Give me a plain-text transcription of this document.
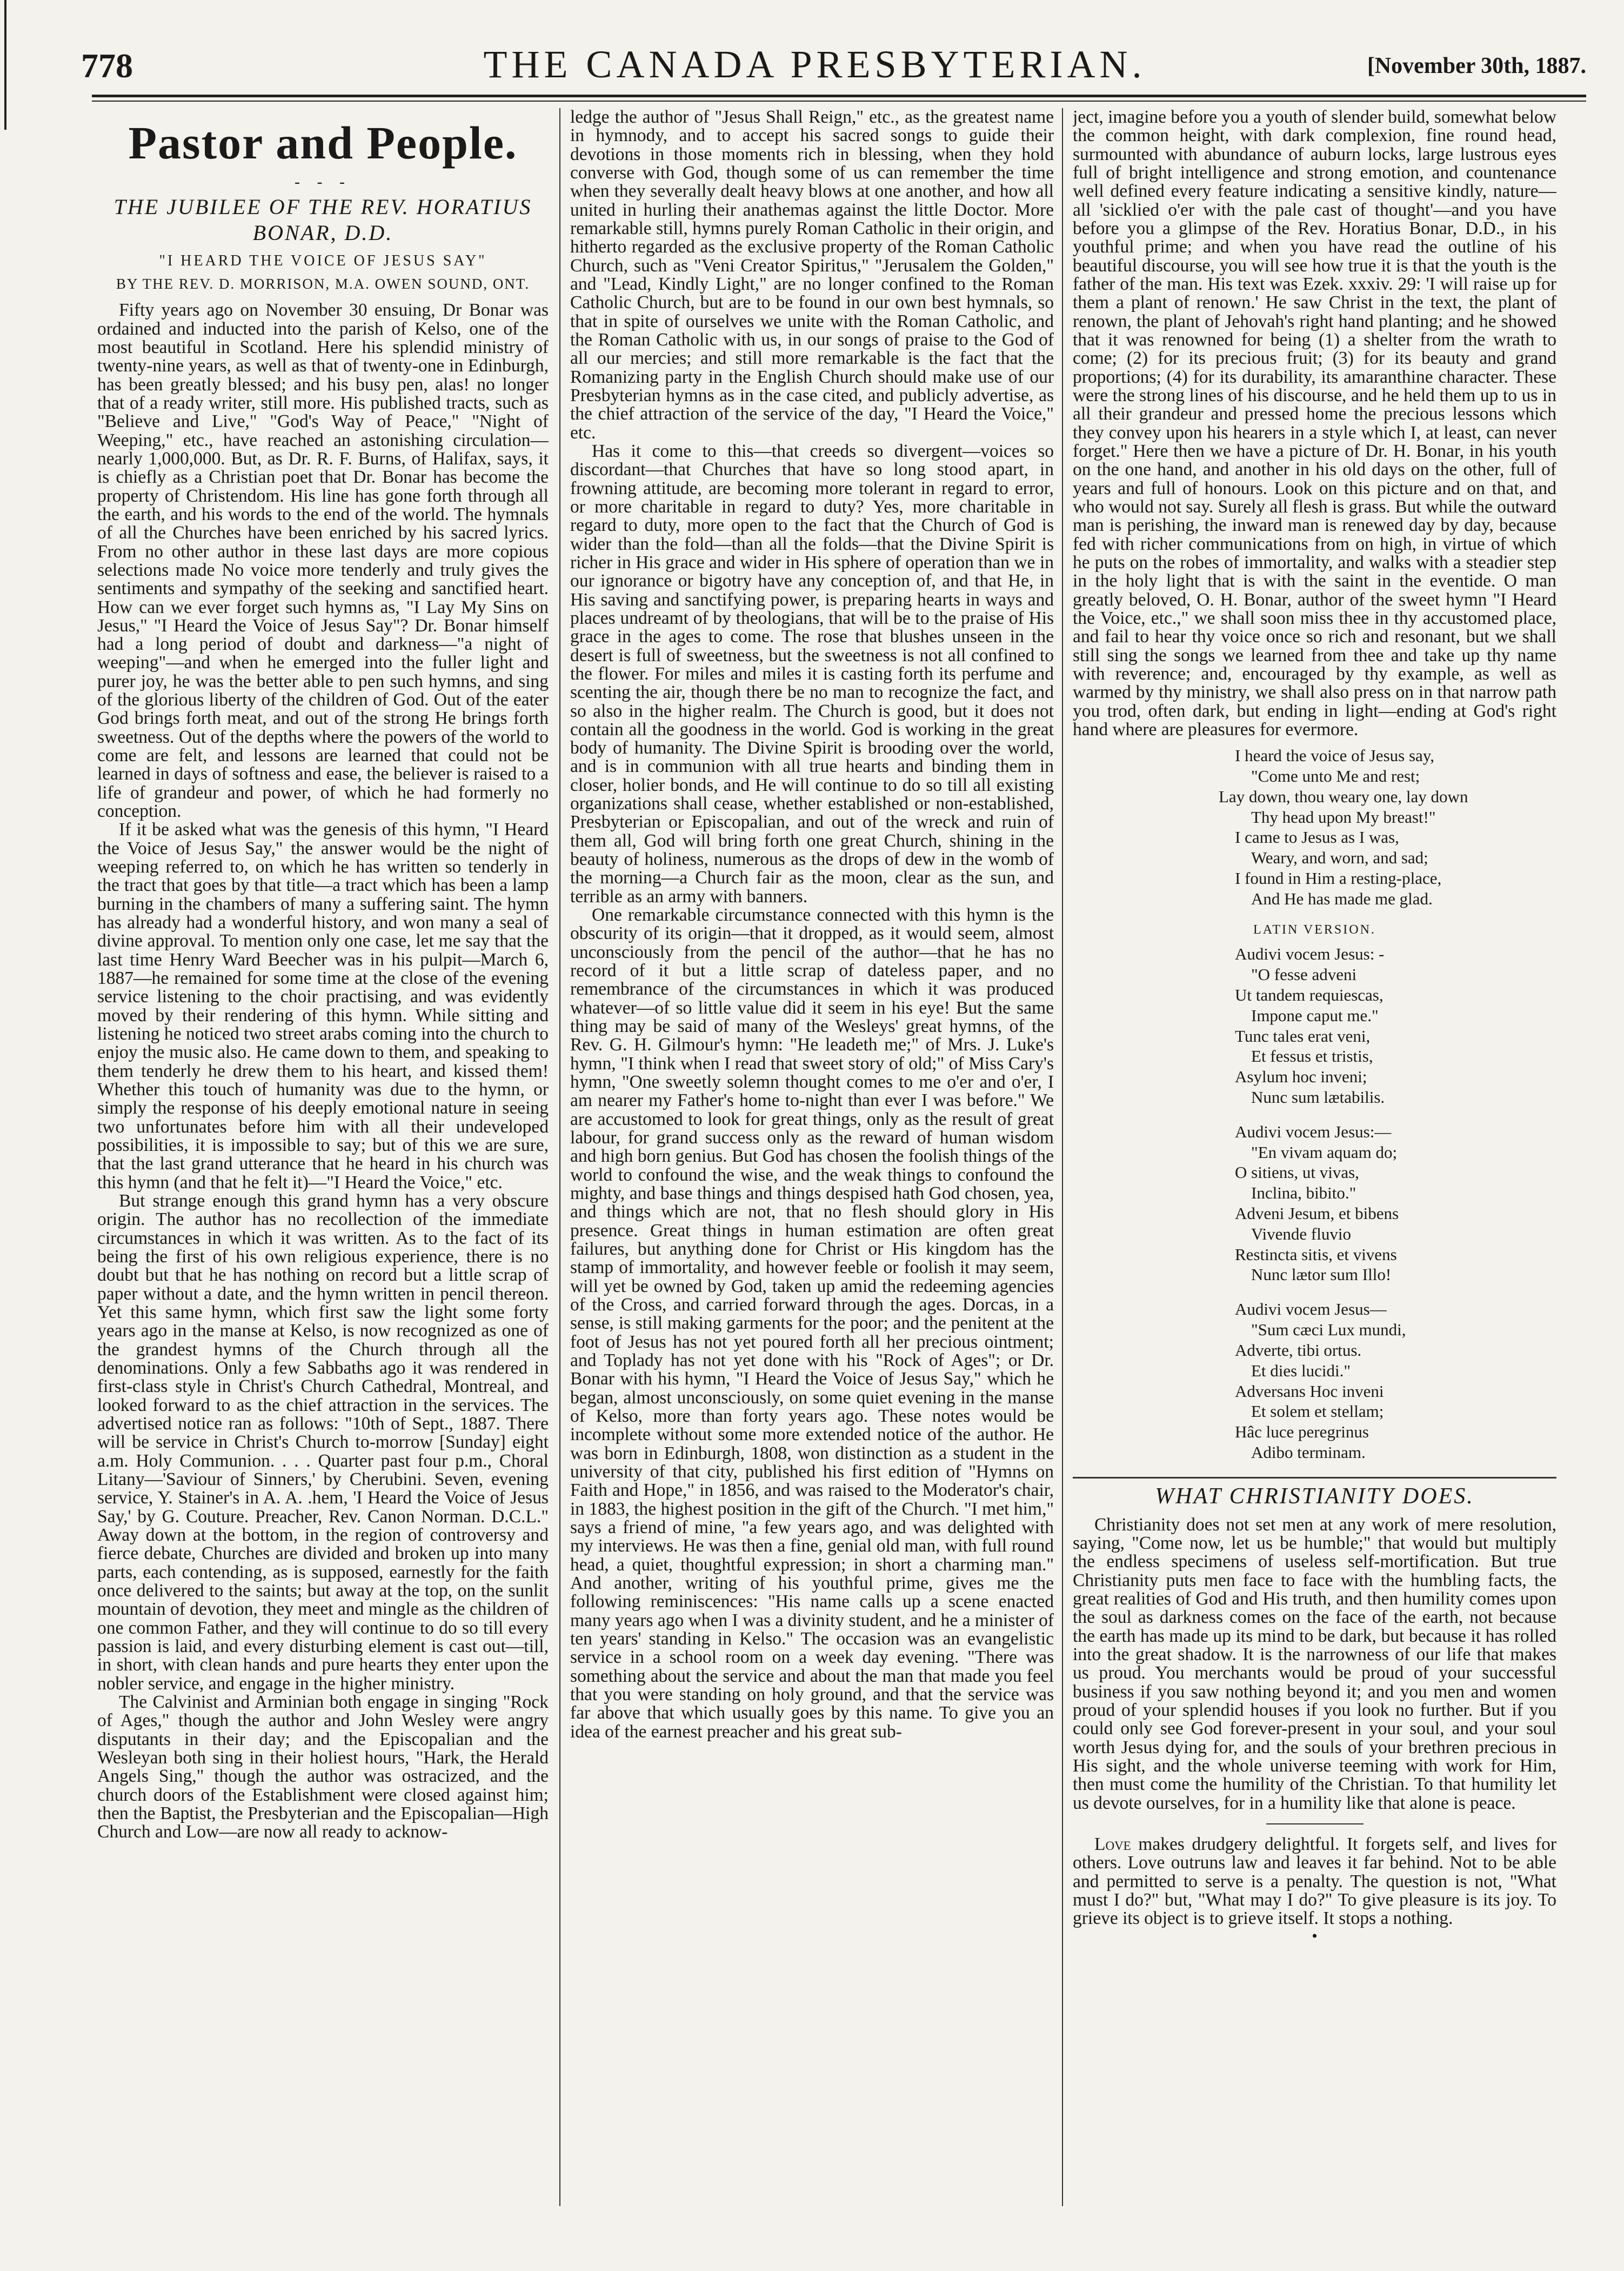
778	THE CANADA PRESBYTERIAN.	[November 30th, 1887.
Pastor and People.
- - -
THE JUBILEE OF THE REV. HORATIUS BONAR, D.D.
"I HEARD THE VOICE OF JESUS SAY"
BY THE REV. D. MORRISON, M.A. OWEN SOUND, ONT.

Fifty years ago on November 30 ensuing, Dr Bonar was ordained and inducted into the parish of Kelso, one of the most beautiful in Scotland. Here his splendid ministry of twenty-nine years, as well as that of twenty-one in Edinburgh, has been greatly blessed; and his busy pen, alas! no longer that of a ready writer, still more. His published tracts, such as "Believe and Live," "God's Way of Peace," "Night of Weeping," etc., have reached an astonishing circulation—nearly 1,000,000. But, as Dr. R. F. Burns, of Halifax, says, it is chiefly as a Christian poet that Dr. Bonar has become the property of Christendom. His line has gone forth through all the earth, and his words to the end of the world. The hymnals of all the Churches have been enriched by his sacred lyrics. From no other author in these last days are more copious selections made No voice more tenderly and truly gives the sentiments and sympathy of the seeking and sanctified heart. How can we ever forget such hymns as, "I Lay My Sins on Jesus," "I Heard the Voice of Jesus Say"? Dr. Bonar himself had a long period of doubt and darkness—"a night of weeping"—and when he emerged into the fuller light and purer joy, he was the better able to pen such hymns, and sing of the glorious liberty of the children of God. Out of the eater God brings forth meat, and out of the strong He brings forth sweetness. Out of the depths where the powers of the world to come are felt, and lessons are learned that could not be learned in days of softness and ease, the believer is raised to a life of grandeur and power, of which he had formerly no conception.

If it be asked what was the genesis of this hymn, "I Heard the Voice of Jesus Say," the answer would be the night of weeping referred to, on which he has written so tenderly in the tract that goes by that title—a tract which has been a lamp burning in the chambers of many a suffering saint. The hymn has already had a wonderful history, and won many a seal of divine approval. To mention only one case, let me say that the last time Henry Ward Beecher was in his pulpit—March 6, 1887—he remained for some time at the close of the evening service listening to the choir practising, and was evidently moved by their rendering of this hymn. While sitting and listening he noticed two street arabs coming into the church to enjoy the music also. He came down to them, and speaking to them tenderly he drew them to his heart, and kissed them! Whether this touch of humanity was due to the hymn, or simply the response of his deeply emotional nature in seeing two unfortunates before him with all their undeveloped possibilities, it is impossible to say; but of this we are sure, that the last grand utterance that he heard in his church was this hymn (and that he felt it)—"I Heard the Voice," etc.

But strange enough this grand hymn has a very obscure origin. The author has no recollection of the immediate circumstances in which it was written. As to the fact of its being the first of his own religious experience, there is no doubt but that he has nothing on record but a little scrap of paper without a date, and the hymn written in pencil thereon. Yet this same hymn, which first saw the light some forty years ago in the manse at Kelso, is now recognized as one of the grandest hymns of the Church through all the denominations. Only a few Sabbaths ago it was rendered in first-class style in Christ's Church Cathedral, Montreal, and looked forward to as the chief attraction in the services. The advertised notice ran as follows: "10th of Sept., 1887. There will be service in Christ's Church to-morrow [Sunday] eight a.m. Holy Communion. . . . Quarter past four p.m., Choral Litany—'Saviour of Sinners,' by Cherubini. Seven, evening service, Y. Stainer's in A. A. .hem, 'I Heard the Voice of Jesus Say,' by G. Couture. Preacher, Rev. Canon Norman. D.C.L." Away down at the bottom, in the region of controversy and fierce debate, Churches are divided and broken up into many parts, each contending, as is supposed, earnestly for the faith once delivered to the saints; but away at the top, on the sunlit mountain of devotion, they meet and mingle as the children of one common Father, and they will continue to do so till every passion is laid, and every disturbing element is cast out—till, in short, with clean hands and pure hearts they enter upon the nobler service, and engage in the higher ministry.

The Calvinist and Arminian both engage in singing "Rock of Ages," though the author and John Wesley were angry disputants in their day; and the Episcopalian and the Wesleyan both sing in their holiest hours, "Hark, the Herald Angels Sing," though the author was ostracized, and the church doors of the Establishment were closed against him; then the Baptist, the Presbyterian and the Episcopalian—High Church and Low—are now all ready to acknow-

ledge the author of "Jesus Shall Reign," etc., as the greatest name in hymnody, and to accept his sacred songs to guide their devotions in those moments rich in blessing, when they hold converse with God, though some of us can remember the time when they severally dealt heavy blows at one another, and how all united in hurling their anathemas against the little Doctor. More remarkable still, hymns purely Roman Catholic in their origin, and hitherto regarded as the exclusive property of the Roman Catholic Church, such as "Veni Creator Spiritus," "Jerusalem the Golden," and "Lead, Kindly Light," are no longer confined to the Roman Catholic Church, but are to be found in our own best hymnals, so that in spite of ourselves we unite with the Roman Catholic, and the Roman Catholic with us, in our songs of praise to the God of all our mercies; and still more remarkable is the fact that the Romanizing party in the English Church should make use of our Presbyterian hymns as in the case cited, and publicly advertise, as the chief attraction of the service of the day, "I Heard the Voice," etc.

Has it come to this—that creeds so divergent—voices so discordant—that Churches that have so long stood apart, in frowning attitude, are becoming more tolerant in regard to error, or more charitable in regard to duty? Yes, more charitable in regard to duty, more open to the fact that the Church of God is wider than the fold—than all the folds—that the Divine Spirit is richer in His grace and wider in His sphere of operation than we in our ignorance or bigotry have any conception of, and that He, in His saving and sanctifying power, is preparing hearts in ways and places undreamt of by theologians, that will be to the praise of His grace in the ages to come. The rose that blushes unseen in the desert is full of sweetness, but the sweetness is not all confined to the flower. For miles and miles it is casting forth its perfume and scenting the air, though there be no man to recognize the fact, and so also in the higher realm. The Church is good, but it does not contain all the goodness in the world. God is working in the great body of humanity. The Divine Spirit is brooding over the world, and is in communion with all true hearts and binding them in closer, holier bonds, and He will continue to do so till all existing organizations shall cease, whether established or non-established, Presbyterian or Episcopalian, and out of the wreck and ruin of them all, God will bring forth one great Church, shining in the beauty of holiness, numerous as the drops of dew in the womb of the morning—a Church fair as the moon, clear as the sun, and terrible as an army with banners.

One remarkable circumstance connected with this hymn is the obscurity of its origin—that it dropped, as it would seem, almost unconsciously from the pencil of the author—that he has no record of it but a little scrap of dateless paper, and no remembrance of the circumstances in which it was produced whatever—of so little value did it seem in his eye! But the same thing may be said of many of the Wesleys' great hymns, of the Rev. G. H. Gilmour's hymn: "He leadeth me;" of Mrs. J. Luke's hymn, "I think when I read that sweet story of old;" of Miss Cary's hymn, "One sweetly solemn thought comes to me o'er and o'er, I am nearer my Father's home to-night than ever I was before." We are accustomed to look for great things, only as the result of great labour, for grand success only as the reward of human wisdom and high born genius. But God has chosen the foolish things of the world to confound the wise, and the weak things to confound the mighty, and base things and things despised hath God chosen, yea, and things which are not, that no flesh should glory in His presence. Great things in human estimation are often great failures, but anything done for Christ or His kingdom has the stamp of immortality, and however feeble or foolish it may seem, will yet be owned by God, taken up amid the redeeming agencies of the Cross, and carried forward through the ages. Dorcas, in a sense, is still making garments for the poor; and the penitent at the foot of Jesus has not yet poured forth all her precious ointment; and Toplady has not yet done with his "Rock of Ages"; or Dr. Bonar with his hymn, "I Heard the Voice of Jesus Say," which he began, almost unconsciously, on some quiet evening in the manse of Kelso, more than forty years ago. These notes would be incomplete without some more extended notice of the author. He was born in Edinburgh, 1808, won distinction as a student in the university of that city, published his first edition of "Hymns on Faith and Hope," in 1856, and was raised to the Moderator's chair, in 1883, the highest position in the gift of the Church. "I met him," says a friend of mine, "a few years ago, and was delighted with my interviews. He was then a fine, genial old man, with full round head, a quiet, thoughtful expression; in short a charming man." And another, writing of his youthful prime, gives me the following reminiscences: "His name calls up a scene enacted many years ago when I was a divinity student, and he a minister of ten years' standing in Kelso." The occasion was an evangelistic service in a school room on a week day evening. "There was something about the service and about the man that made you feel that you were standing on holy ground, and that the service was far above that which usually goes by this name. To give you an idea of the earnest preacher and his great sub-

ject, imagine before you a youth of slender build, somewhat below the common height, with dark complexion, fine round head, surmounted with abundance of auburn locks, large lustrous eyes full of bright intelligence and strong emotion, and countenance well defined every feature indicating a sensitive kindly, nature—all 'sicklied o'er with the pale cast of thought'—and you have before you a glimpse of the Rev. Horatius Bonar, D.D., in his youthful prime; and when you have read the outline of his beautiful discourse, you will see how true it is that the youth is the father of the man. His text was Ezek. xxxiv. 29: 'I will raise up for them a plant of renown.' He saw Christ in the text, the plant of renown, the plant of Jehovah's right hand planting; and he showed that it was renowned for being (1) a shelter from the wrath to come; (2) for its precious fruit; (3) for its beauty and grand proportions; (4) for its durability, its amaranthine character. These were the strong lines of his discourse, and he held them up to us in all their grandeur and pressed home the precious lessons which they convey upon his hearers in a style which I, at least, can never forget." Here then we have a picture of Dr. H. Bonar, in his youth on the one hand, and another in his old days on the other, full of years and full of honours. Look on this picture and on that, and who would not say. Surely all flesh is grass. But while the outward man is perishing, the inward man is renewed day by day, because fed with richer communications from on high, in virtue of which he puts on the robes of immortality, and walks with a steadier step in the holy light that is with the saint in the eventide. O man greatly beloved, O. H. Bonar, author of the sweet hymn "I Heard the Voice, etc.," we shall soon miss thee in thy accustomed place, and fail to hear thy voice once so rich and resonant, but we shall still sing the songs we learned from thee and take up thy name with reverence; and, encouraged by thy example, as well as warmed by thy ministry, we shall also press on in that narrow path you trod, often dark, but ending in light—ending at God's right hand where are pleasures for evermore.

I heard the voice of Jesus say,
"Come unto Me and rest;
Lay down, thou weary one, lay down
Thy head upon My breast!"
I came to Jesus as I was,
Weary, and worn, and sad;
I found in Him a resting-place,
And He has made me glad.
LATIN VERSION.
Audivi vocem Jesus: -
"O fesse adveni
Ut tandem requiescas,
Impone caput me."
Tunc tales erat veni,
Et fessus et tristis,
Asylum hoc inveni;
Nunc sum lætabilis.
Audivi vocem Jesus:—
"En vivam aquam do;
O sitiens, ut vivas,
Inclina, bibito."
Adveni Jesum, et bibens
Vivende fluvio
Restincta sitis, et vivens
Nunc lætor sum Illo!
Audivi vocem Jesus—
"Sum cæci Lux mundi,
Adverte, tibi ortus.
Et dies lucidi."
Adversans Hoc inveni
Et solem et stellam;
Hâc luce peregrinus
Adibo terminam.
WHAT CHRISTIANITY DOES.

Christianity does not set men at any work of mere resolution, saying, "Come now, let us be humble;" that would but multiply the endless specimens of useless self-mortification. But true Christianity puts men face to face with the humbling facts, the great realities of God and His truth, and then humility comes upon the soul as darkness comes on the face of the earth, not because the earth has made up its mind to be dark, but because it has rolled into the great shadow. It is the narrowness of our life that makes us proud. You merchants would be proud of your successful business if you saw nothing beyond it; and you men and women proud of your splendid houses if you look no further. But if you could only see God forever-present in your soul, and your soul worth Jesus dying for, and the souls of your brethren precious in His sight, and the whole universe teeming with work for Him, then must come the humility of the Christian. To that humility let us devote ourselves, for in a humility like that alone is peace.

Love makes drudgery delightful. It forgets self, and lives for others. Love outruns law and leaves it far behind. Not to be able and permitted to serve is a penalty. The question is not, "What must I do?" but, "What may I do?" To give pleasure is its joy. To grieve its object is to grieve itself. It stops a nothing.

•
